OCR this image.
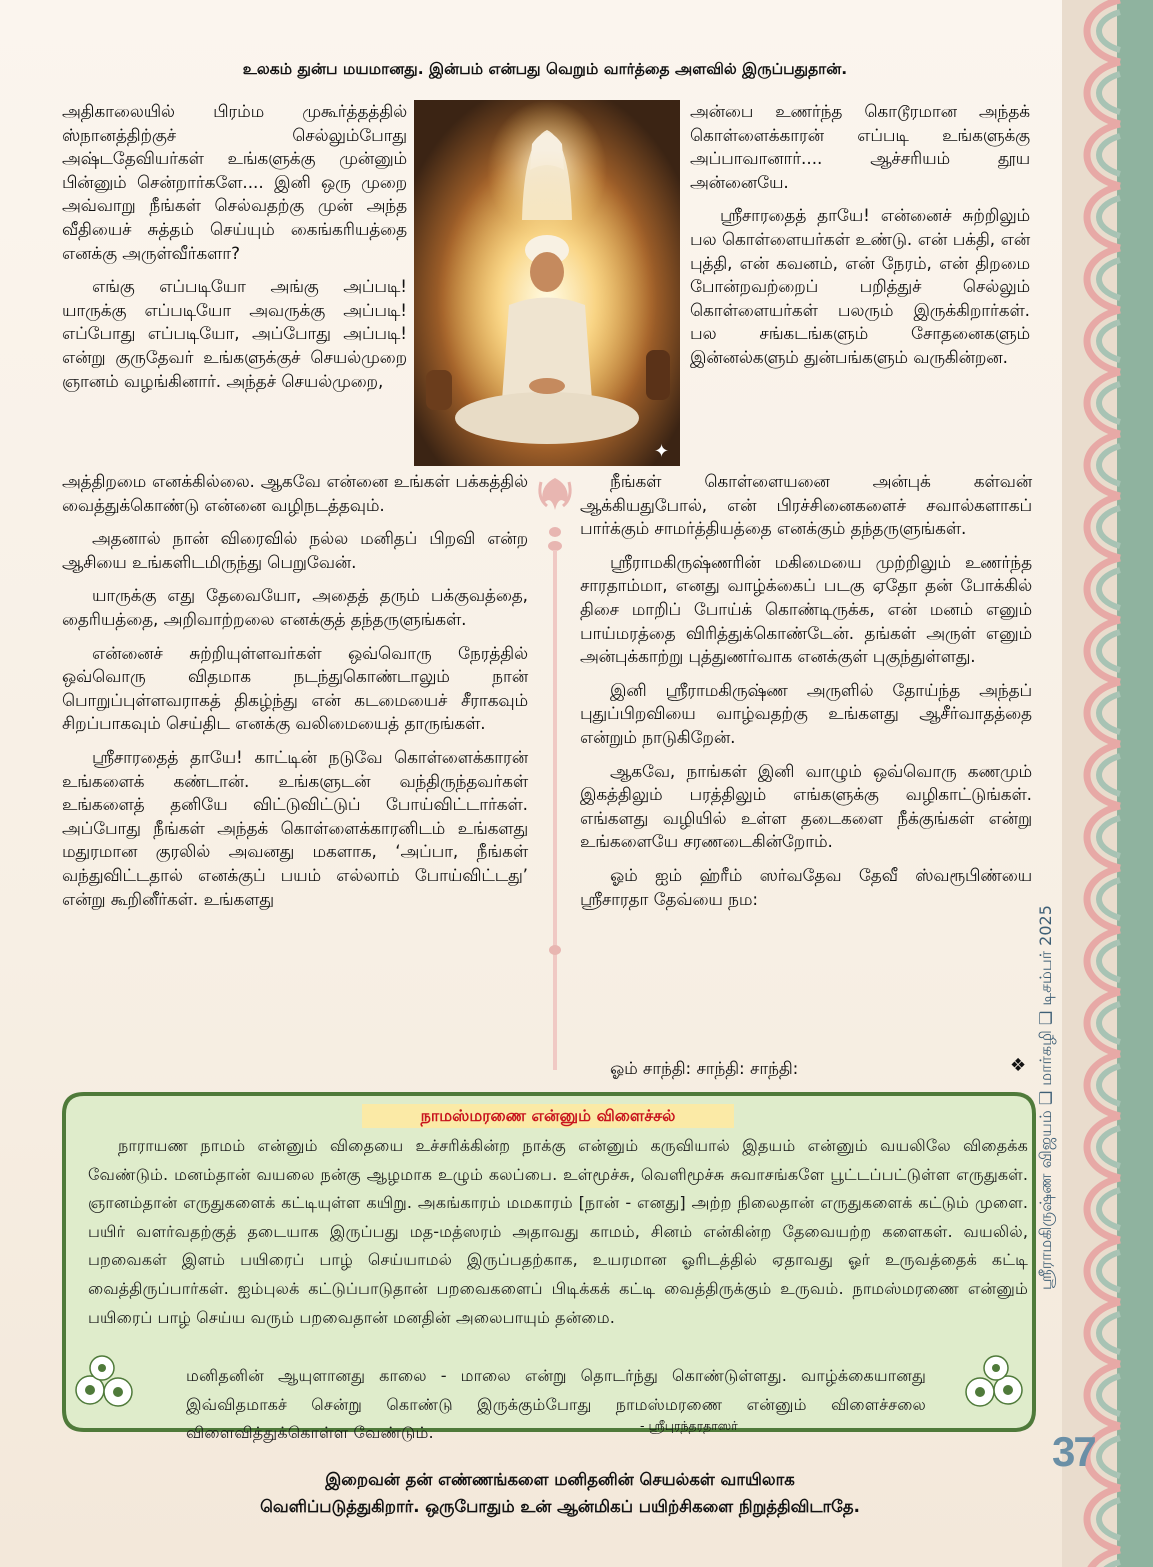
ஸ்ரீராமகிருஷ்ண விஜயம் ❑ மார்கழி ❑ டிசம்பர் 2025
37
உலகம் துன்ப மயமானது. இன்பம் என்பது வெறும் வார்த்தை அளவில் இருப்பதுதான்.

அதிகாலையில் பிரம்ம முகூர்த்தத்தில் ஸ்நானத்திற்குச் செல்லும்போது அஷ்டதேவியர்கள் உங்களுக்கு முன்னும் பின்னும் சென்றார்களே.... இனி ஒரு முறை அவ்வாறு நீங்கள் செல்வதற்கு முன் அந்த வீதியைச் சுத்தம் செய்யும் கைங்கரியத்தை எனக்கு அருள்வீர்களா?

எங்கு எப்படியோ அங்கு அப்படி! யாருக்கு எப்படியோ அவருக்கு அப்படி! எப்போது எப்படியோ, அப்போது அப்படி! என்று குருதேவர் உங்களுக்குச் செயல்முறை ஞானம் வழங்கினார். அந்தச் செயல்முறை,

✦

அத்திறமை எனக்கில்லை. ஆகவே என்னை உங்கள் பக்கத்தில் வைத்துக்கொண்டு என்னை வழிநடத்தவும்.

அதனால் நான் விரைவில் நல்ல மனிதப் பிறவி என்ற ஆசியை உங்களிடமிருந்து பெறுவேன்.

யாருக்கு எது தேவையோ, அதைத் தரும் பக்குவத்தை, தைரியத்தை, அறிவாற்றலை எனக்குத் தந்தருளுங்கள்.

என்னைச் சுற்றியுள்ளவர்கள் ஒவ்வொரு நேரத்தில் ஒவ்வொரு விதமாக நடந்துகொண்டாலும் நான் பொறுப்புள்ளவராகத் திகழ்ந்து என் கடமையைச் சீராகவும் சிறப்பாகவும் செய்திட எனக்கு வலிமையைத் தாருங்கள்.

ஸ்ரீசாரதைத் தாயே! காட்டின் நடுவே கொள்ளைக்காரன் உங்களைக் கண்டான். உங்களுடன் வந்திருந்தவர்கள் உங்களைத் தனியே விட்டுவிட்டுப் போய்விட்டார்கள். அப்போது நீங்கள் அந்தக் கொள்ளைக்காரனிடம் உங்களது மதுரமான குரலில் அவனது மகளாக, ‘அப்பா, நீங்கள் வந்துவிட்டதால் எனக்குப் பயம் எல்லாம் போய்விட்டது’ என்று கூறினீர்கள். உங்களது

அன்பை உணர்ந்த கொடூரமான அந்தக் கொள்ளைக்காரன் எப்படி உங்களுக்கு அப்பாவானார்.... ஆச்சரியம் தூய அன்னையே.

ஸ்ரீசாரதைத் தாயே! என்னைச் சுற்றிலும் பல கொள்ளையர்கள் உண்டு. என் பக்தி, என் புத்தி, என் கவனம், என் நேரம், என் திறமை போன்றவற்றைப் பறித்துச் செல்லும் கொள்ளையர்கள் பலரும் இருக்கிறார்கள். பல சங்கடங்களும் சோதனைகளும் இன்னல்களும் துன்பங்களும் வருகின்றன.

நீங்கள் கொள்ளையனை அன்புக் கள்வன் ஆக்கியதுபோல், என் பிரச்சினைகளைச் சவால்களாகப் பார்க்கும் சாமர்த்தியத்தை எனக்கும் தந்தருளுங்கள்.

ஸ்ரீராமகிருஷ்ணரின் மகிமையை முற்றிலும் உணர்ந்த சாரதாம்மா, எனது வாழ்க்கைப் படகு ஏதோ தன் போக்கில் திசை மாறிப் போய்க் கொண்டிருக்க, என் மனம் எனும் பாய்மரத்தை விரித்துக்கொண்டேன். தங்கள் அருள் எனும் அன்புக்காற்று புத்துணர்வாக எனக்குள் புகுந்துள்ளது.

இனி ஸ்ரீராமகிருஷ்ண அருளில் தோய்ந்த அந்தப் புதுப்பிறவியை வாழ்வதற்கு உங்களது ஆசீர்வாதத்தை என்றும் நாடுகிறேன்.

ஆகவே, நாங்கள் இனி வாழும் ஒவ்வொரு கணமும் இகத்திலும் பரத்திலும் எங்களுக்கு வழிகாட்டுங்கள். எங்களது வழியில் உள்ள தடைகளை நீக்குங்கள் என்று உங்களையே சரணடைகின்றோம்.

ஓம் ஐம் ஹ்ரீம் ஸர்வதேவ தேவீ ஸ்வரூபிண்யை ஸ்ரீசாரதா தேவ்யை நம:

ஓம் சாந்தி: சாந்தி: சாந்தி:	❖
நாமஸ்மரணை என்னும் விளைச்சல்
நாராயண நாமம் என்னும் விதையை உச்சரிக்கின்ற நாக்கு என்னும் கருவியால் இதயம் என்னும் வயலிலே விதைக்க வேண்டும். மனம்தான் வயலை நன்கு ஆழமாக உழும் கலப்பை. உள்மூச்சு, வெளிமூச்சு சுவாசங்களே பூட்டப்பட்டுள்ள எருதுகள். ஞானம்தான் எருதுகளைக் கட்டியுள்ள கயிறு. அகங்காரம் மமகாரம் [நான் - எனது] அற்ற நிலைதான் எருதுகளைக் கட்டும் முளை. பயிர் வளர்வதற்குத் தடையாக இருப்பது மத-மத்ஸரம் அதாவது காமம், சினம் என்கின்ற தேவையற்ற களைகள். வயலில், பறவைகள் இளம் பயிரைப் பாழ் செய்யாமல் இருப்பதற்காக, உயரமான ஓரிடத்தில் ஏதாவது ஓர் உருவத்தைக் கட்டி வைத்திருப்பார்கள். ஐம்புலக் கட்டுப்பாடுதான் பறவைகளைப் பிடிக்கக் கட்டி வைத்திருக்கும் உருவம். நாமஸ்மரணை என்னும் பயிரைப் பாழ் செய்ய வரும் பறவைதான் மனதின் அலைபாயும் தன்மை.
மனிதனின் ஆயுளானது காலை - மாலை என்று தொடர்ந்து கொண்டுள்ளது. வாழ்க்கையானது இவ்விதமாகச் சென்று கொண்டு இருக்கும்போது நாமஸ்மரணை என்னும் விளைச்சலை விளைவித்துக்கொள்ள வேண்டும்.	- ஸ்ரீபுரந்தரதாஸர்
இறைவன் தன் எண்ணங்களை மனிதனின் செயல்கள் வாயிலாக
வெளிப்படுத்துகிறார். ஒருபோதும் உன் ஆன்மிகப் பயிற்சிகளை நிறுத்திவிடாதே.
